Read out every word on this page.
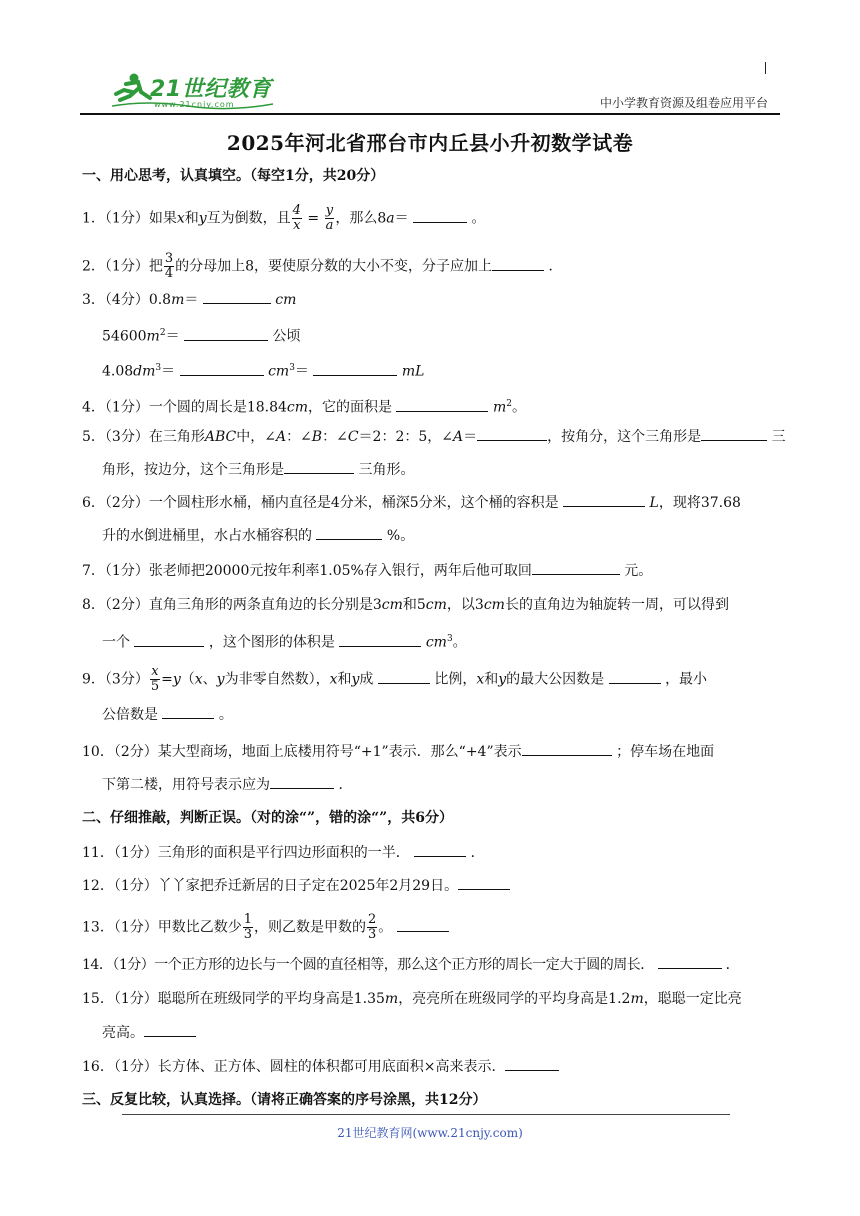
21世纪教育
www.21cnjy.com	中小学教育资源及组卷应用平台
2025年河北省邢台市内丘县小升初数学试卷
一、用心思考，认真填空。（每空1分，共20分）
1．（1分）如果x和y互为倒数，且 $\frac{4}{x} = \frac{y}{a}$ ，那么8a＝	。
2．（1分）把 $\frac{3}{4}$ 的分母加上8，要使原分数的大小不变，分子应加上	．
3．（4分）0.8m＝	cm
$54600m^2=$	公顷
$4.08dm^3=$	$cm^3=$	mL
4．（1分）一个圆的周长是18.84cm，它的面积是	$m^2$。
5．（3分）在三角形ABC中，∠A：∠B：∠C＝2：2：5，∠A＝	，按角分，这个三角形是	三
角形，按边分，这个三角形是	三角形。
6．（2分）一个圆柱形水桶，桶内直径是4分米，桶深5分米，这个桶的容积是	L，现将37.68
升的水倒进桶里，水占水桶容积的	%。
7．（1分）张老师把20000元按年利率1.05%存入银行，两年后他可取回	元。
8．（2分）直角三角形的两条直角边的长分别是3cm和5cm，以3cm长的直角边为轴旋转一周，可以得到
一个	，这个图形的体积是	$cm^3$。
9．（3分） $\frac{x}{5} =y(x$、y为非零自然数），x和y成	比例，x和y的最大公因数是	，最小
公倍数是	。
10．（2分）某大型商场，地面上底楼用符号“+1”表示．那么“+4”表示	；停车场在地面
下第二楼，用符号表示应为	．
二、仔细推敲，判断正误。（对的涂“”，错的涂“”，共6分）
11．（1分）三角形的面积是平行四边形面积的一半．	．
12．（1分）丫丫家把乔迁新居的日子定在2025年2月29日。
13．（1分）甲数比乙数少 $\frac{1}{3}$ ，则乙数是甲数的 $\frac{2}{3}$ 。
14．（1分）一个正方形的边长与一个圆的直径相等，那么这个正方形的周长一定大于圆的周长．	．
15．（1分）聪聪所在班级同学的平均身高是1.35m，亮亮所在班级同学的平均身高是1.2m，聪聪一定比亮
亮高。
16．（1分）长方体、正方体、圆柱的体积都可用底面积×高来表示．
三、反复比较，认真选择。（请将正确答案的序号涂黑，共12分）
21世纪教育网(www.21cnjy.com)
